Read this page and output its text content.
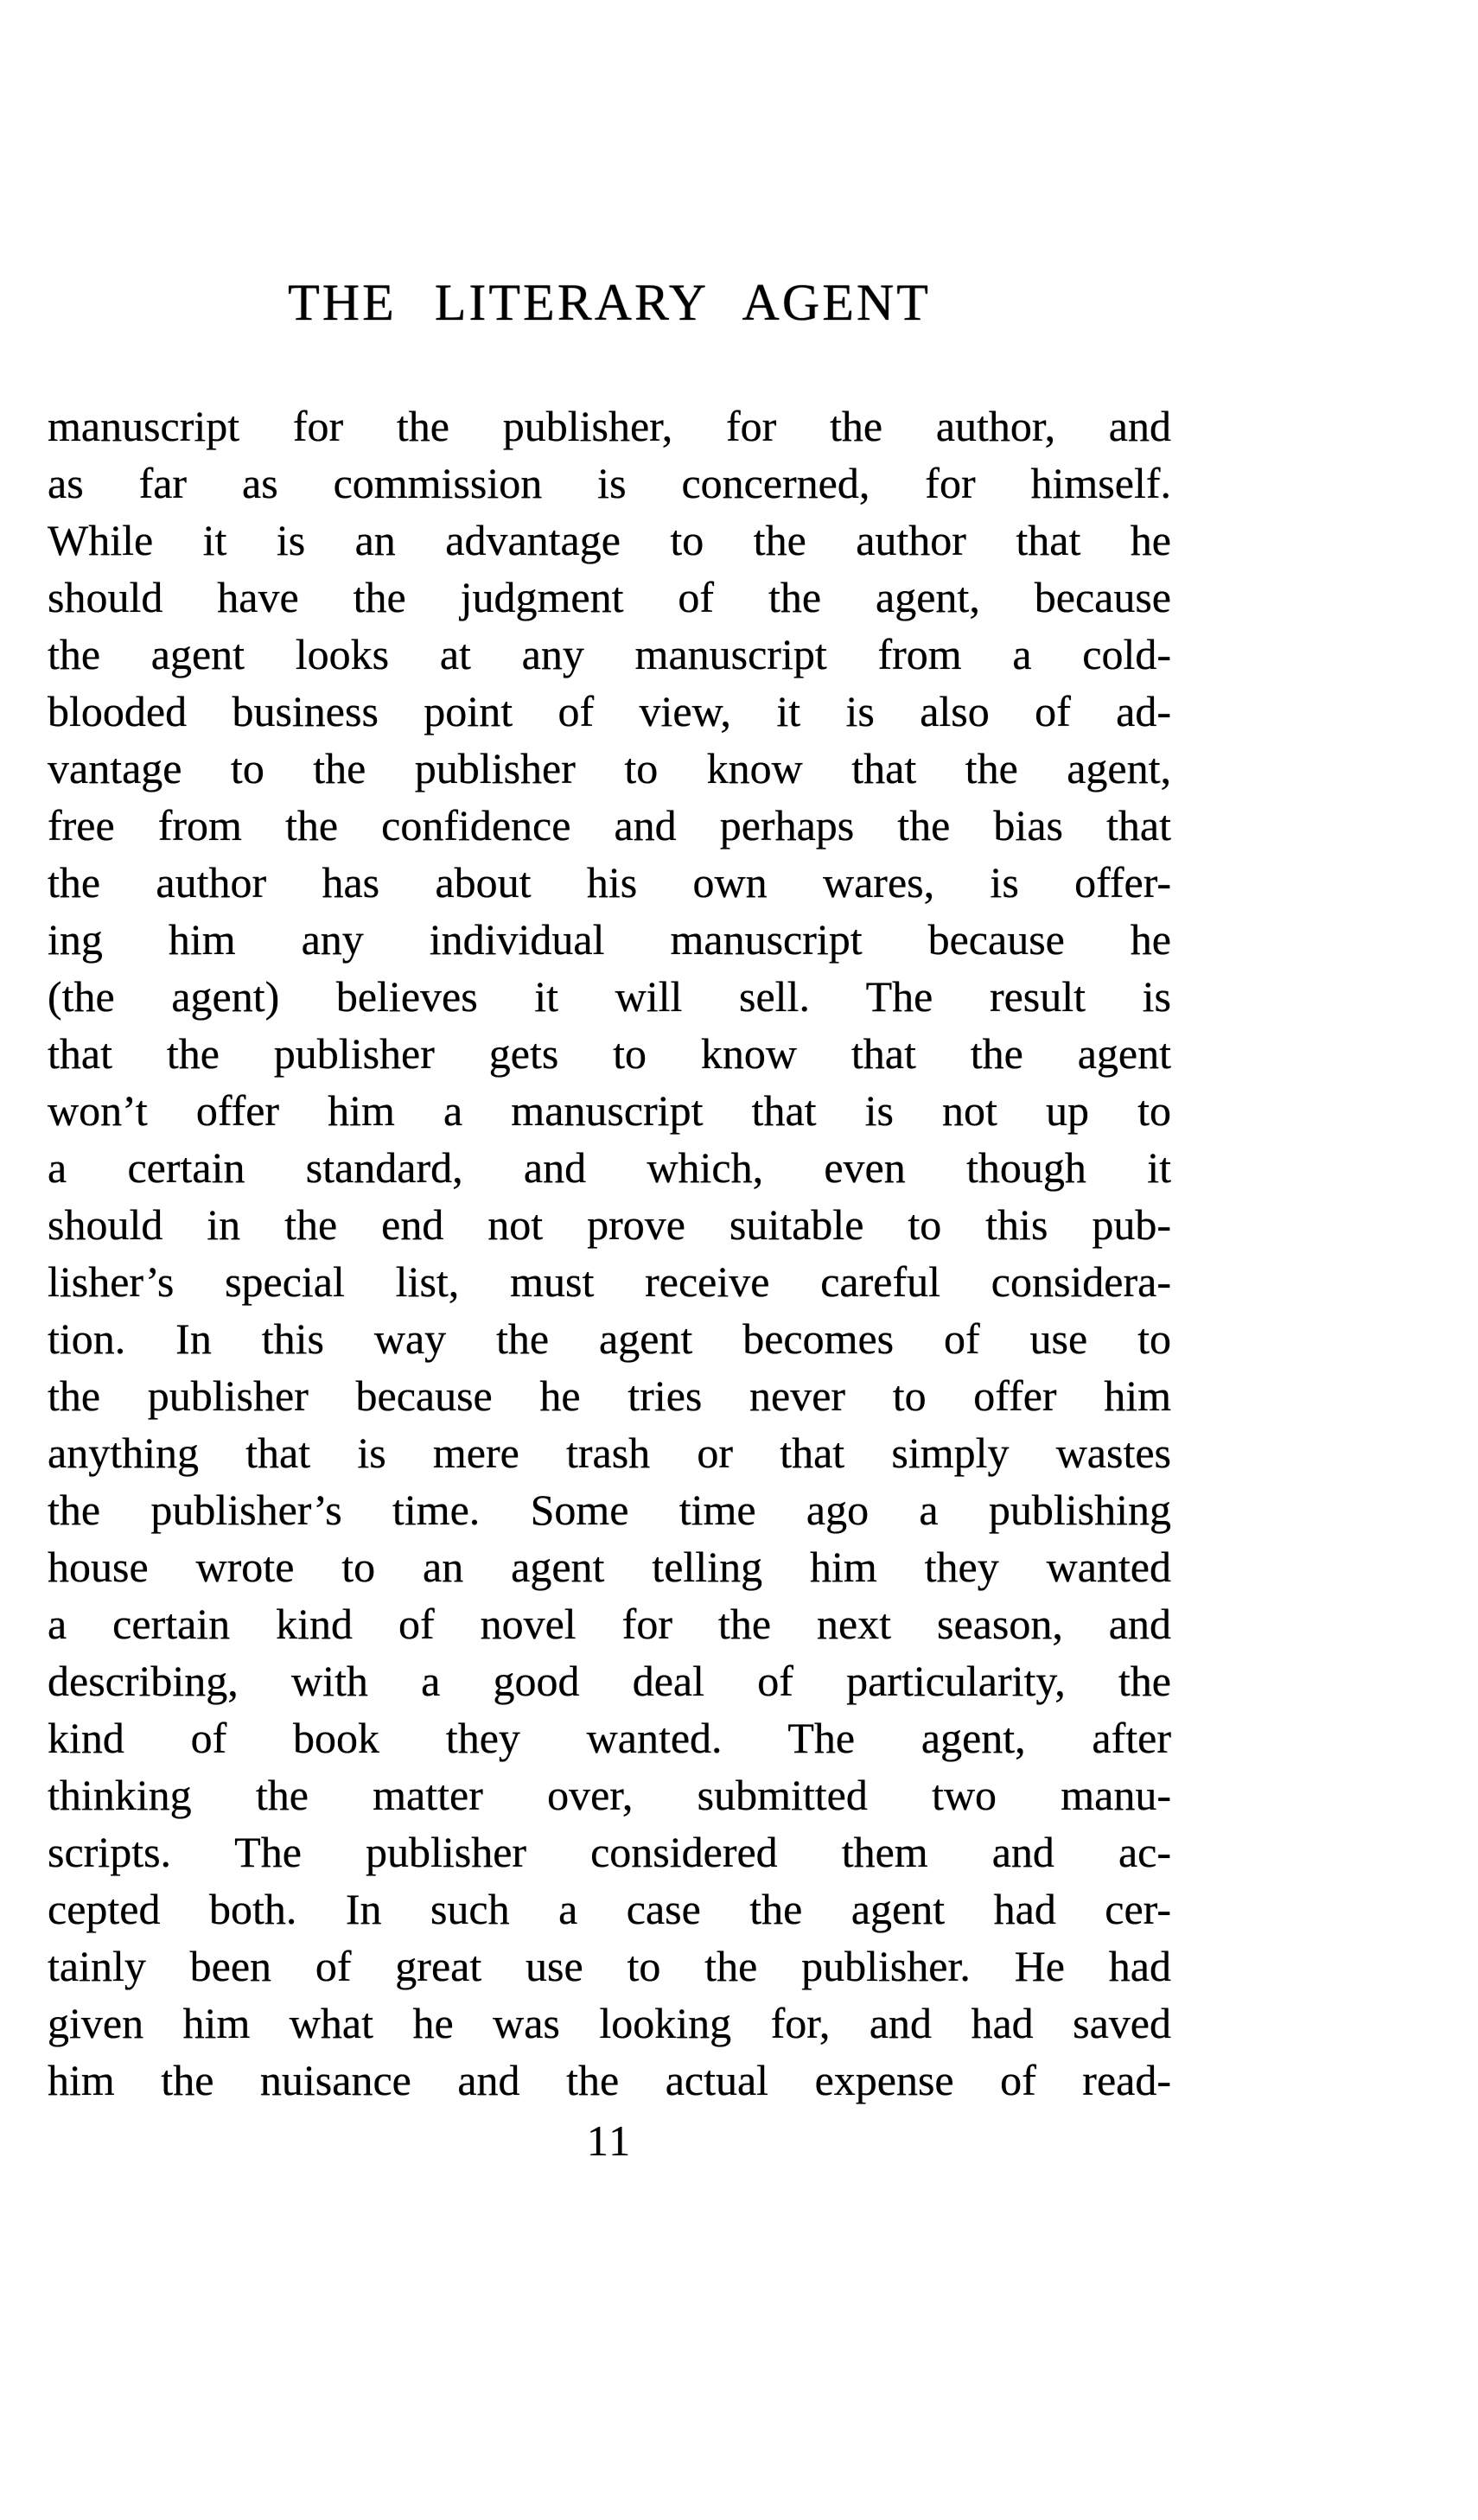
THE LITERARY AGENT
manuscript for the publisher, for the author, and
as far as commission is concerned, for himself.
While it is an advantage to the author that he
should have the judgment of the agent, because
the agent looks at any manuscript from a cold-
blooded business point of view, it is also of ad-
vantage to the publisher to know that the agent,
free from the confidence and perhaps the bias that
the author has about his own wares, is offer-
ing him any individual manuscript because he
(the agent) believes it will sell. The result is
that the publisher gets to know that the agent
won’t offer him a manuscript that is not up to
a certain standard, and which, even though it
should in the end not prove suitable to this pub-
lisher’s special list, must receive careful considera-
tion. In this way the agent becomes of use to
the publisher because he tries never to offer him
anything that is mere trash or that simply wastes
the publisher’s time. Some time ago a publishing
house wrote to an agent telling him they wanted
a certain kind of novel for the next season, and
describing, with a good deal of particularity, the
kind of book they wanted. The agent, after
thinking the matter over, submitted two manu-
scripts. The publisher considered them and ac-
cepted both. In such a case the agent had cer-
tainly been of great use to the publisher. He had
given him what he was looking for, and had saved
him the nuisance and the actual expense of read-
11
